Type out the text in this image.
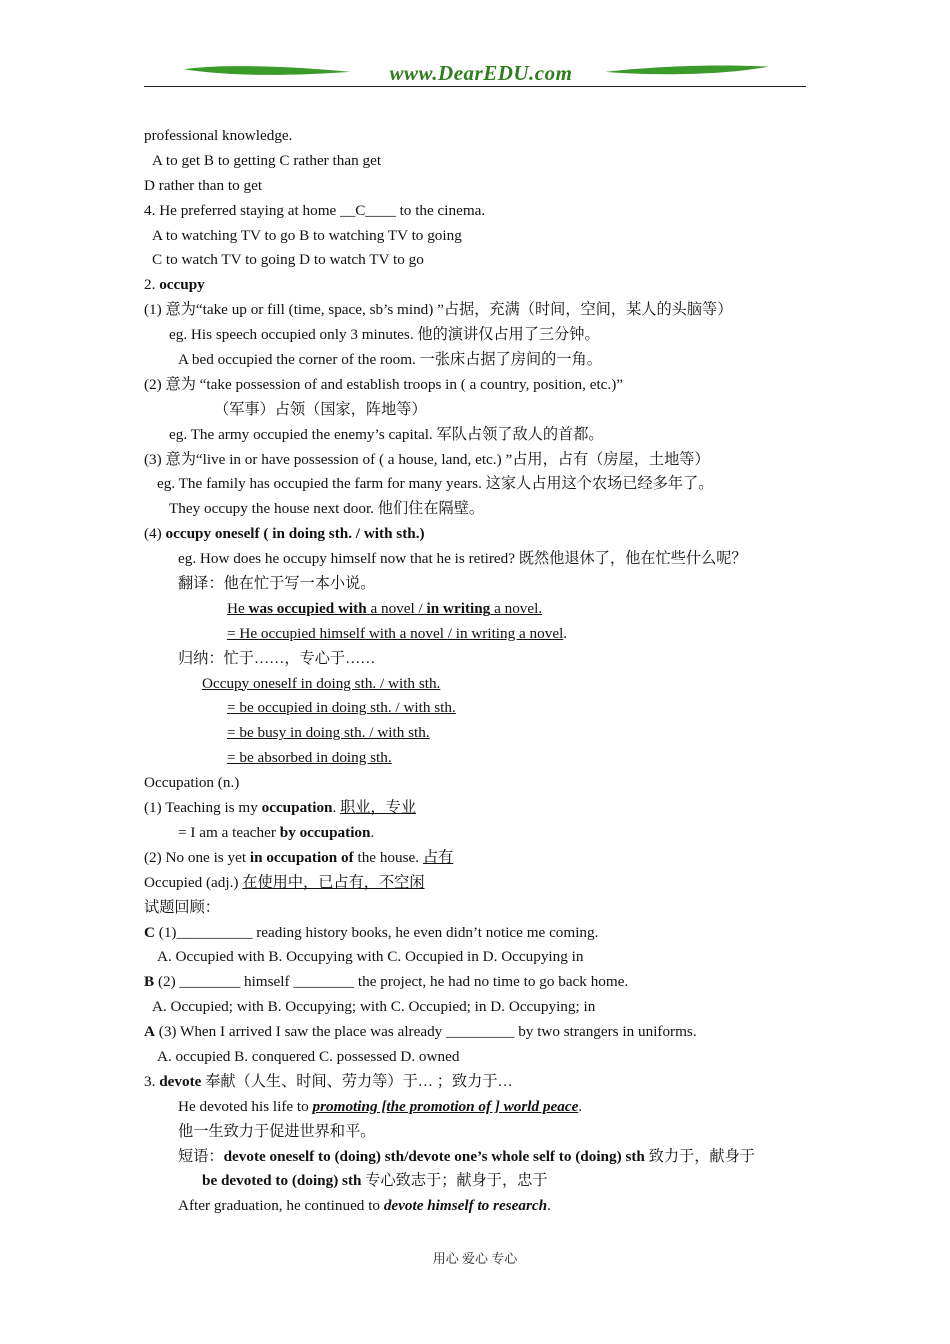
www.DearEDU.com
professional knowledge.
A to get B to getting C rather than get
D rather than to get
4. He preferred staying at home __C____ to the cinema.
A to watching TV to go B to watching TV to going
C to watch TV to going D to watch TV to go
2. occupy
(1) 意为“take up or fill (time, space, sb’s mind) ”占据，充满（时间，空间，某人的头脑等）
eg. His speech occupied only 3 minutes. 他的演讲仅占用了三分钟。
A bed occupied the corner of the room. 一张床占据了房间的一角。
(2) 意为 “take possession of and establish troops in ( a country, position, etc.)”
（军事）占领（国家，阵地等）
eg. The army occupied the enemy’s capital. 军队占领了敌人的首都。
(3) 意为“live in or have possession of ( a house, land, etc.) ”占用，占有（房屋，土地等）
eg. The family has occupied the farm for many years. 这家人占用这个农场已经多年了。
They occupy the house next door. 他们住在隔壁。
(4) occupy oneself ( in doing sth. / with sth.)
eg. How does he occupy himself now that he is retired? 既然他退休了，他在忙些什么呢？
翻译：他在忙于写一本小说。
He was occupied with a novel / in writing a novel.
= He occupied himself with a novel / in writing a novel.
归纳：忙于……，专心于……
Occupy oneself in doing sth. / with sth.
= be occupied in doing sth. / with sth.
= be busy in doing sth. / with sth.
= be absorbed in doing sth.
Occupation (n.)
(1) Teaching is my occupation. 职业，专业
= I am a teacher by occupation.
(2) No one is yet in occupation of the house. 占有
Occupied (adj.) 在使用中，已占有，不空闲
试题回顾：
C (1)__________ reading history books, he even didn’t notice me coming.
A. Occupied with B. Occupying with C. Occupied in D. Occupying in
B (2) ________ himself ________ the project, he had no time to go back home.
A. Occupied; with B. Occupying; with C. Occupied; in D. Occupying; in
A (3) When I arrived I saw the place was already _________ by two strangers in uniforms.
A. occupied B. conquered C. possessed D. owned
3. devote 奉献（人生、时间、劳力等）于… ；致力于…
He devoted his life to promoting [the promotion of ] world peace.
他一生致力于促进世界和平。
短语：devote oneself to (doing) sth/devote one’s whole self to (doing) sth 致力于，献身于
be devoted to (doing) sth 专心致志于；献身于，忠于
After graduation, he continued to devote himself to research.
用心 爱心 专心
